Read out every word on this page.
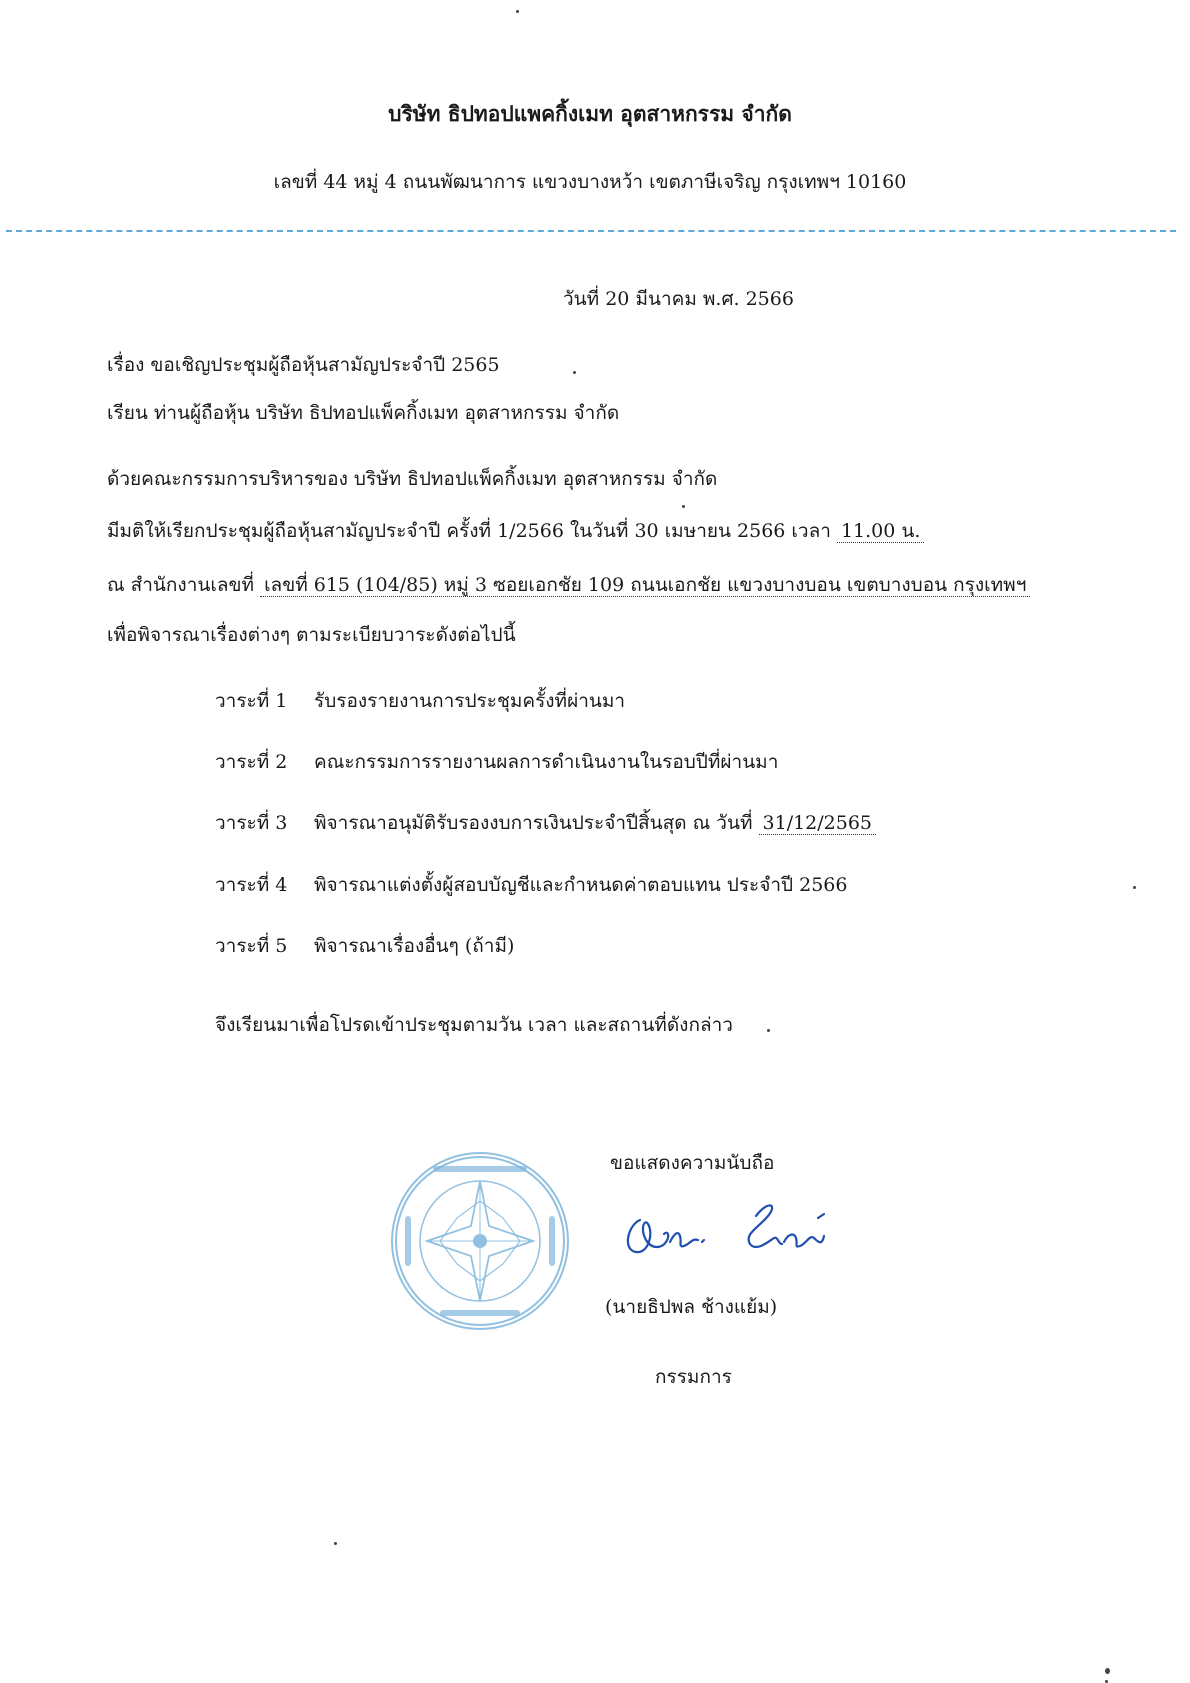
บริษัท ธิปทอปแพคกิ้งเมท อุตสาหกรรม จำกัด
เลขที่ 44 หมู่ 4 ถนนพัฒนาการ แขวงบางหว้า เขตภาษีเจริญ กรุงเทพฯ 10160
วันที่ 20 มีนาคม พ.ศ. 2566
เรื่อง ขอเชิญประชุมผู้ถือหุ้นสามัญประจำปี 2565
เรียน ท่านผู้ถือหุ้น บริษัท ธิปทอปแพ็คกิ้งเมท อุตสาหกรรม จำกัด
ด้วยคณะกรรมการบริหารของ บริษัท ธิปทอปแพ็คกิ้งเมท อุตสาหกรรม จำกัด
มีมติให้เรียกประชุมผู้ถือหุ้นสามัญประจำปี ครั้งที่ 1/2566 ในวันที่ 30 เมษายน 2566 เวลา 11.00 น.
ณ สำนักงานเลขที่ เลขที่ 615 (104/85) หมู่ 3 ซอยเอกชัย 109 ถนนเอกชัย แขวงบางบอน เขตบางบอน กรุงเทพฯ
เพื่อพิจารณาเรื่องต่างๆ ตามระเบียบวาระดังต่อไปนี้
วาระที่ 1 รับรองรายงานการประชุมครั้งที่ผ่านมา
วาระที่ 2 คณะกรรมการรายงานผลการดำเนินงานในรอบปีที่ผ่านมา
วาระที่ 3 พิจารณาอนุมัติรับรองงบการเงินประจำปีสิ้นสุด ณ วันที่ 31/12/2565
วาระที่ 4 พิจารณาแต่งตั้งผู้สอบบัญชีและกำหนดค่าตอบแทน ประจำปี 2566
วาระที่ 5 พิจารณาเรื่องอื่นๆ (ถ้ามี)
จึงเรียนมาเพื่อโปรดเข้าประชุมตามวัน เวลา และสถานที่ดังกล่าว
ขอแสดงความนับถือ
(นายธิปพล ช้างแย้ม)
กรรมการ
